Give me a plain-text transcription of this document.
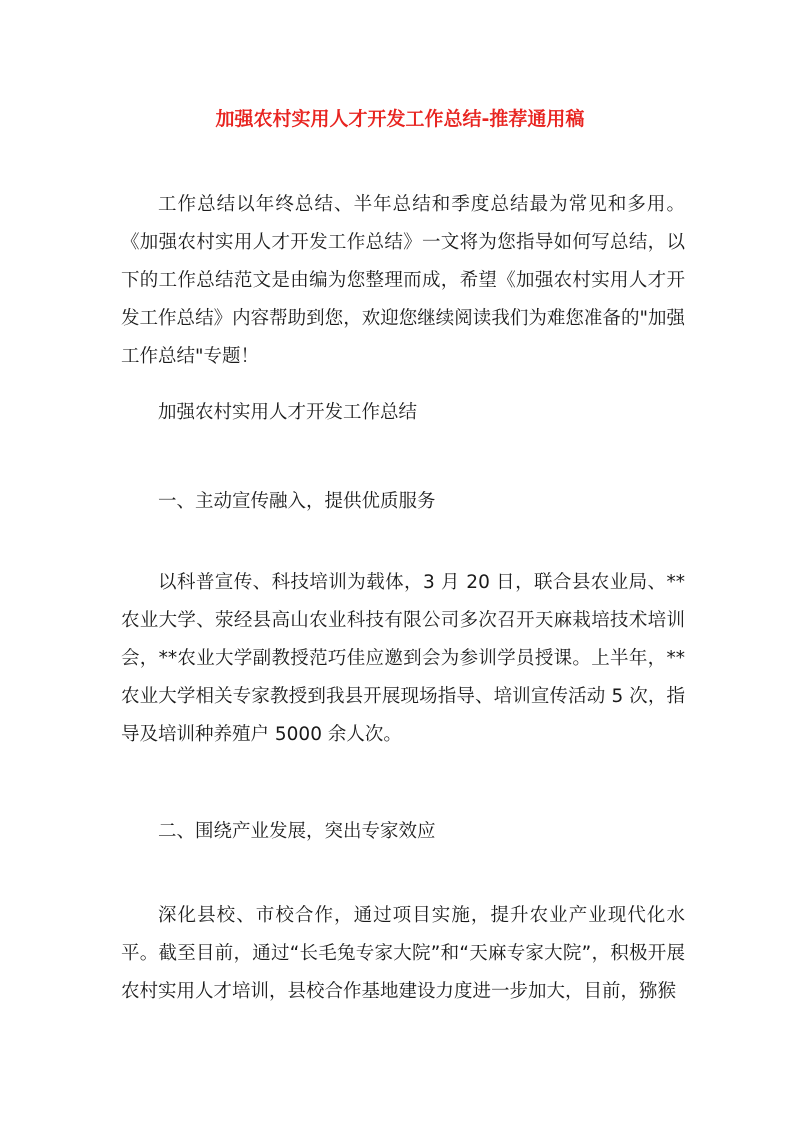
加强农村实用人才开发工作总结-推荐通用稿

工作总结以年终总结、半年总结和季度总结最为常见和多用。《加强农村实用人才开发工作总结》一文将为您指导如何写总结，以下的工作总结范文是由编为您整理而成，希望《加强农村实用人才开发工作总结》内容帮助到您，欢迎您继续阅读我们为难您准备的"加强工作总结"专题！

加强农村实用人才开发工作总结

一、主动宣传融入，提供优质服务

以科普宣传、科技培训为载体，3 月 20 日，联合县农业局、**农业大学、荥经县高山农业科技有限公司多次召开天麻栽培技术培训会，**农业大学副教授范巧佳应邀到会为参训学员授课。上半年，**农业大学相关专家教授到我县开展现场指导、培训宣传活动 5 次，指导及培训种养殖户 5000 余人次。

二、围绕产业发展，突出专家效应

深化县校、市校合作，通过项目实施，提升农业产业现代化水平。截至目前，通过“长毛兔专家大院”和“天麻专家大院”，积极开展农村实用人才培训，县校合作基地建设力度进一步加大，目前，猕猴
